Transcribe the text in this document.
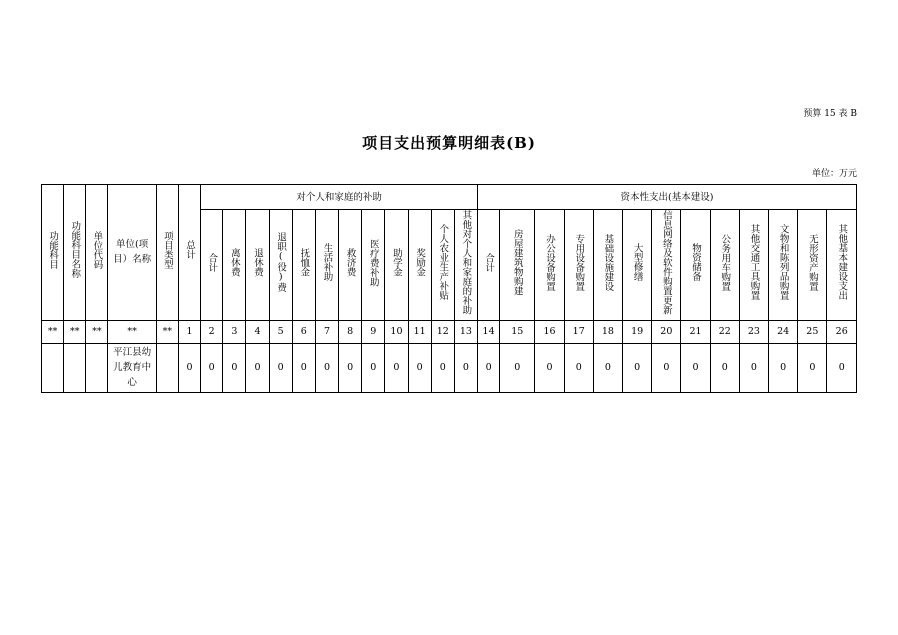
预算 15 表 B
项目支出预算明细表(B)
单位：万元
功能科目	功能科目名称	单位代码	单位(项目）名称	项目类型	总计	对个人和家庭的补助												资本性支出(基本建设)												
						合计	离休费	退休费	退职(役)费	抚恤金	生活补助	救济费	医疗费补助	助学金	奖励金	个人农业生产补贴	其他对个人和家庭的补助	合计	房屋建筑物购建	办公设备购置	专用设备购置	基础设施建设	大型修缮	信息网络及软件购置更新	物资储备	公务用车购置	其他交通工具购置	文物和陈列品购置	无形资产购置	其他基本建设支出
**	**	**	**	**	1	2	3	4	5	6	7	8	9	10	11	12	13	14	15	16	17	18	19	20	21	22	23	24	25	26
			平江县幼儿教育中心		0	0	0	0	0	0	0	0	0	0	0	0	0	0	0	0	0	0	0	0	0	0	0	0	0	0
